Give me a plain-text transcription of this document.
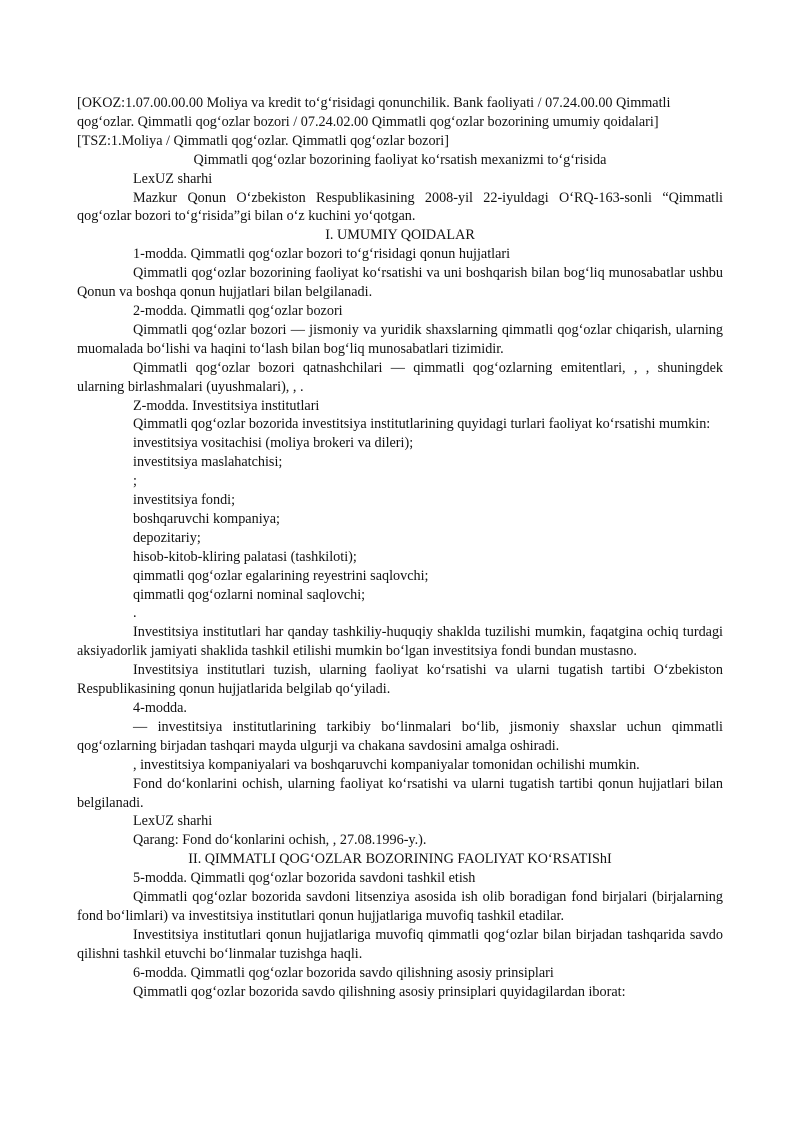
[OKOZ:1.07.00.00.00 Moliya va kredit to‘g‘risidagi qonunchilik. Bank faoliyati / 07.24.00.00 Qimmatli qog‘ozlar. Qimmatli qog‘ozlar bozori / 07.24.02.00 Qimmatli qog‘ozlar bozorining umumiy qoidalari][TSZ:1.Moliya / Qimmatli qog‘ozlar. Qimmatli qog‘ozlar bozori]

Qimmatli qog‘ozlar bozorining faoliyat ko‘rsatish mexanizmi to‘g‘risida

LexUZ sharhi

Mazkur Qonun O‘zbekiston Respublikasining 2008-yil 22-iyuldagi O‘RQ-163-sonli “Qimmatli qog‘ozlar bozori to‘g‘risida”gi bilan o‘z kuchini yo‘qotgan.

I. UMUMIY QOIDALAR

1-modda. Qimmatli qog‘ozlar bozori to‘g‘risidagi qonun hujjatlari

Qimmatli qog‘ozlar bozorining faoliyat ko‘rsatishi va uni boshqarish bilan bog‘liq munosabatlar ushbu Qonun va boshqa qonun hujjatlari bilan belgilanadi.

2-modda. Qimmatli qog‘ozlar bozori

Qimmatli qog‘ozlar bozori — jismoniy va yuridik shaxslarning qimmatli qog‘ozlar chiqarish, ularning muomalada bo‘lishi va haqini to‘lash bilan bog‘liq munosabatlari tizimidir.

Qimmatli qog‘ozlar bozori qatnashchilari — qimmatli qog‘ozlarning emitentlari, , , shuningdek ularning birlashmalari (uyushmalari), , .

Z-modda. Investitsiya institutlari

Qimmatli qog‘ozlar bozorida investitsiya institutlarining quyidagi turlari faoliyat ko‘rsatishi mumkin:

investitsiya vositachisi (moliya brokeri va dileri);

investitsiya maslahatchisi;

;

investitsiya fondi;

boshqaruvchi kompaniya;

depozitariy;

hisob-kitob-kliring palatasi (tashkiloti);

qimmatli qog‘ozlar egalarining reyestrini saqlovchi;

qimmatli qog‘ozlarni nominal saqlovchi;

.

Investitsiya institutlari har qanday tashkiliy-huquqiy shaklda tuzilishi mumkin, faqatgina ochiq turdagi aksiyadorlik jamiyati shaklida tashkil etilishi mumkin bo‘lgan investitsiya fondi bundan mustasno.

Investitsiya institutlari tuzish, ularning faoliyat ko‘rsatishi va ularni tugatish tartibi O‘zbekiston Respublikasining qonun hujjatlarida belgilab qo‘yiladi.

4-modda.

— investitsiya institutlarining tarkibiy bo‘linmalari bo‘lib, jismoniy shaxslar uchun qimmatli qog‘ozlarning birjadan tashqari mayda ulgurji va chakana savdosini amalga oshiradi.

, investitsiya kompaniyalari va boshqaruvchi kompaniyalar tomonidan ochilishi mumkin.

Fond do‘konlarini ochish, ularning faoliyat ko‘rsatishi va ularni tugatish tartibi qonun hujjatlari bilan belgilanadi.

LexUZ sharhi

Qarang: Fond do‘konlarini ochish, , 27.08.1996-y.).

II. QIMMATLI QOG‘OZLAR BOZORINING FAOLIYAT KO‘RSATIShI

5-modda. Qimmatli qog‘ozlar bozorida savdoni tashkil etish

Qimmatli qog‘ozlar bozorida savdoni litsenziya asosida ish olib boradigan fond birjalari (birjalarning fond bo‘limlari) va investitsiya institutlari qonun hujjatlariga muvofiq tashkil etadilar.

Investitsiya institutlari qonun hujjatlariga muvofiq qimmatli qog‘ozlar bilan birjadan tashqarida savdo qilishni tashkil etuvchi bo‘linmalar tuzishga haqli.

6-modda. Qimmatli qog‘ozlar bozorida savdo qilishning asosiy prinsiplari

Qimmatli qog‘ozlar bozorida savdo qilishning asosiy prinsiplari quyidagilardan iborat:
